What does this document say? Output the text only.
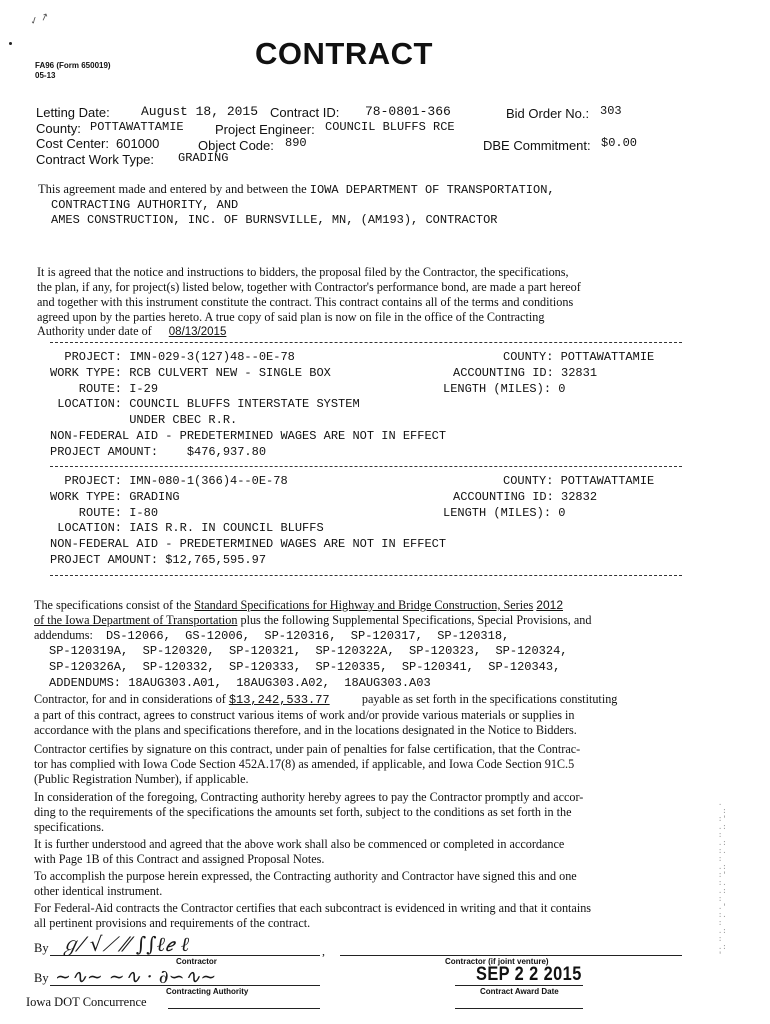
✓ ↗
FA96 (Form 650019)
05-13
CONTRACT
Letting Date: August 18, 2015 Contract ID: 78-0801-366	Bid Order No.: 303
County: POTTAWATTAMIE Project Engineer: COUNCIL BLUFFS RCE
Cost Center: 601000	Object Code: 890	DBE Commitment: $0.00
Contract Work Type: GRADING
This agreement made and entered by and between the IOWA DEPARTMENT OF TRANSPORTATION,
CONTRACTING AUTHORITY, AND
AMES CONSTRUCTION, INC. OF BURNSVILLE, MN, (AM193), CONTRACTOR
It is agreed that the notice and instructions to bidders, the proposal filed by the Contractor, the specifications,
the plan, if any, for project(s) listed below, together with Contractor's performance bond, are made a part hereof
and together with this instrument constitute the contract. This contract contains all of the terms and conditions
agreed upon by the parties hereto. A true copy of said plan is now on file in the office of the Contracting
Authority under date of 08/13/2015
PROJECT: IMN-029-3(127)48--0E-78	COUNTY: POTTAWATTAMIE
WORK TYPE: RCB CULVERT NEW - SINGLE BOX	ACCOUNTING ID: 32831
ROUTE: I-29	LENGTH (MILES): 0
LOCATION: COUNCIL BLUFFS INTERSTATE SYSTEM
UNDER CBEC R.R.
NON-FEDERAL AID - PREDETERMINED WAGES ARE NOT IN EFFECT
PROJECT AMOUNT:    $476,937.80
PROJECT: IMN-080-1(366)4--0E-78	COUNTY: POTTAWATTAMIE
WORK TYPE: GRADING	ACCOUNTING ID: 32832
ROUTE: I-80	LENGTH (MILES): 0
LOCATION: IAIS R.R. IN COUNCIL BLUFFS
NON-FEDERAL AID - PREDETERMINED WAGES ARE NOT IN EFFECT
PROJECT AMOUNT: $12,765,595.97
The specifications consist of the Standard Specifications for Highway and Bridge Construction, Series 2012
of the Iowa Department of Transportation plus the following Supplemental Specifications, Special Provisions, and
addendums: DS-12066,  GS-12006,  SP-120316,  SP-120317,  SP-120318,
SP-120319A,  SP-120320,  SP-120321,  SP-120322A,  SP-120323,  SP-120324,
SP-120326A,  SP-120332,  SP-120333,  SP-120335,  SP-120341,  SP-120343,
ADDENDUMS: 18AUG303.A01,  18AUG303.A02,  18AUG303.A03
Contractor, for and in considerations of $13,242,533.77	payable as set forth in the specifications constituting
a part of this contract, agrees to construct various items of work and/or provide various materials or supplies in
accordance with the plans and specifications therefore, and in the locations designated in the Notice to Bidders.
Contractor certifies by signature on this contract, under pain of penalties for false certification, that the Contrac-
tor has complied with Iowa Code Section 452A.17(8) as amended, if applicable, and Iowa Code Section 91C.5
(Public Registration Number), if applicable.
In consideration of the foregoing, Contracting authority hereby agrees to pay the Contractor promptly and accor-
ding to the requirements of the specifications the amounts set forth, subject to the conditions as set forth in the
specifications.
It is further understood and agreed that the above work shall also be commenced or completed in accordance
with Page 1B of this Contract and assigned Proposal Notes.
To accomplish the purpose herein expressed, the Contracting authority and Contractor have signed this and one
other identical instrument.
For Federal-Aid contracts the Contractor certifies that each subcontract is evidenced in writing and that it contains
all pertinent provisions and requirements of the contract.
.
:
:'
.:
:
.:
:.
:
.:
:'
:.
.:
:
.'
:.
:
.:
:
.:
'
By ℊ⁄ √⟋ ⁄⁄ ∫∫ℓℯ ℓ	,
Contractor	Contractor (if joint venture)
By ∼∿∼ ∼∿ · ∂∽∿∼	SEP 2 2 2015
Contracting Authority	Contract Award Date
Iowa DOT Concurrence
